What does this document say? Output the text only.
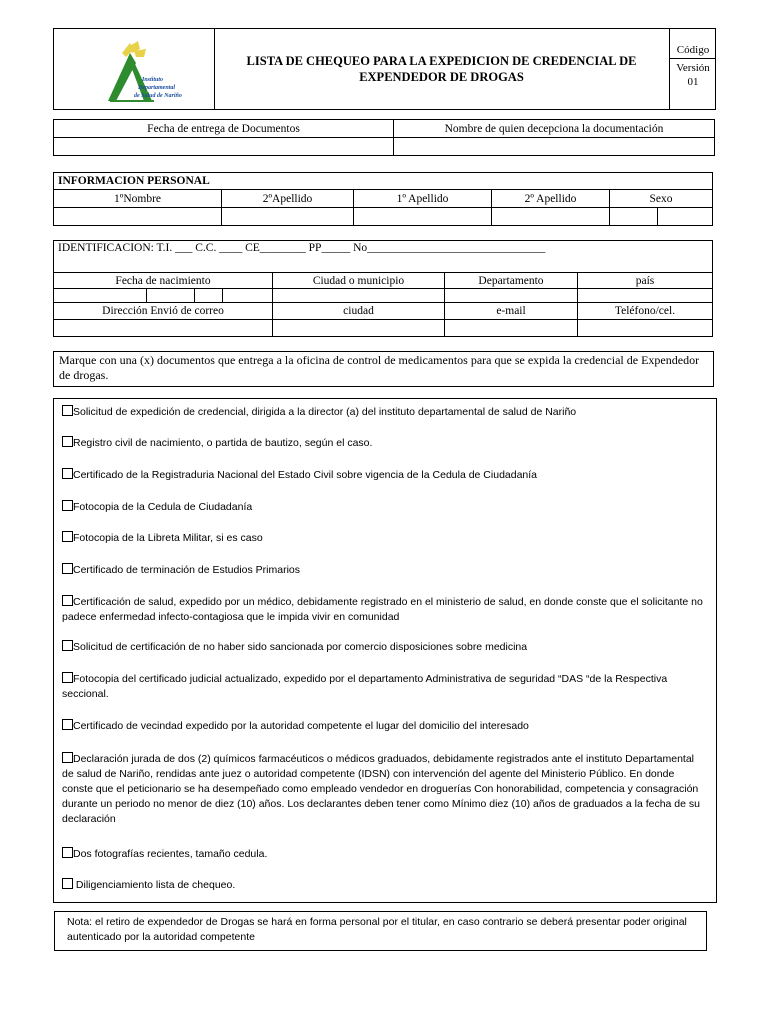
Instituto
Departamental
de Salud de Nariño
LISTA DE CHEQUEO PARA LA EXPEDICION DE CREDENCIAL DE EXPENDEDOR DE DROGAS
Código
Versión
01
Fecha de entrega de Documentos	Nombre de quien decepciona la documentación

INFORMACION PERSONAL					
1ºNombre	2ºApellido	1º Apellido	2º Apellido	Sexo	

IDENTIFICACION: T.I. ___ C.C. ____ CE________ PP_____ No_______________________________						
Fecha de nacimiento				Ciudad o municipio	Departamento	país

Dirección Envió de correo				ciudad	e-mail	Teléfono/cel.

Marque con una (x) documentos que entrega a la oficina de control de medicamentos para que se expida la credencial de Expendedor de drogas.
Solicitud de expedición de credencial, dirigida a la director (a) del instituto departamental de salud de Nariño
Registro civil de nacimiento, o partida de bautizo, según el caso.
Certificado de la Registraduria Nacional del Estado Civil sobre vigencia de la Cedula de Ciudadanía
Fotocopia de la Cedula de Ciudadanía
Fotocopia de la Libreta Militar, si es caso
Certificado de terminación de Estudios Primarios
Certificación de salud, expedido por un médico, debidamente registrado en el ministerio de salud, en donde conste que el solicitante no padece enfermedad infecto-contagiosa que le impida vivir en comunidad
Solicitud de certificación de no haber sido sancionada por comercio disposiciones sobre medicina
Fotocopia del certificado judicial actualizado, expedido por el departamento Administrativa de seguridad “DAS “de la Respectiva seccional.
Certificado de vecindad expedido por la autoridad competente el lugar del domicilio del interesado
Declaración jurada de dos (2) químicos farmacéuticos o médicos graduados, debidamente registrados ante el instituto Departamental de salud de Nariño, rendidas ante juez o autoridad competente (IDSN) con intervención del agente del Ministerio Público. En donde conste que el peticionario se ha desempeñado como empleado vendedor en droguerías Con honorabilidad, competencia y consagración durante un periodo no menor de diez (10) años. Los declarantes deben tener como Mínimo diez (10) años de graduados a la fecha de su declaración
Dos fotografías recientes, tamaño cedula.
Diligenciamiento lista de chequeo.
Nota: el retiro de expendedor de Drogas se hará en forma personal por el titular, en caso contrario se deberá presentar poder original autenticado por la autoridad competente
